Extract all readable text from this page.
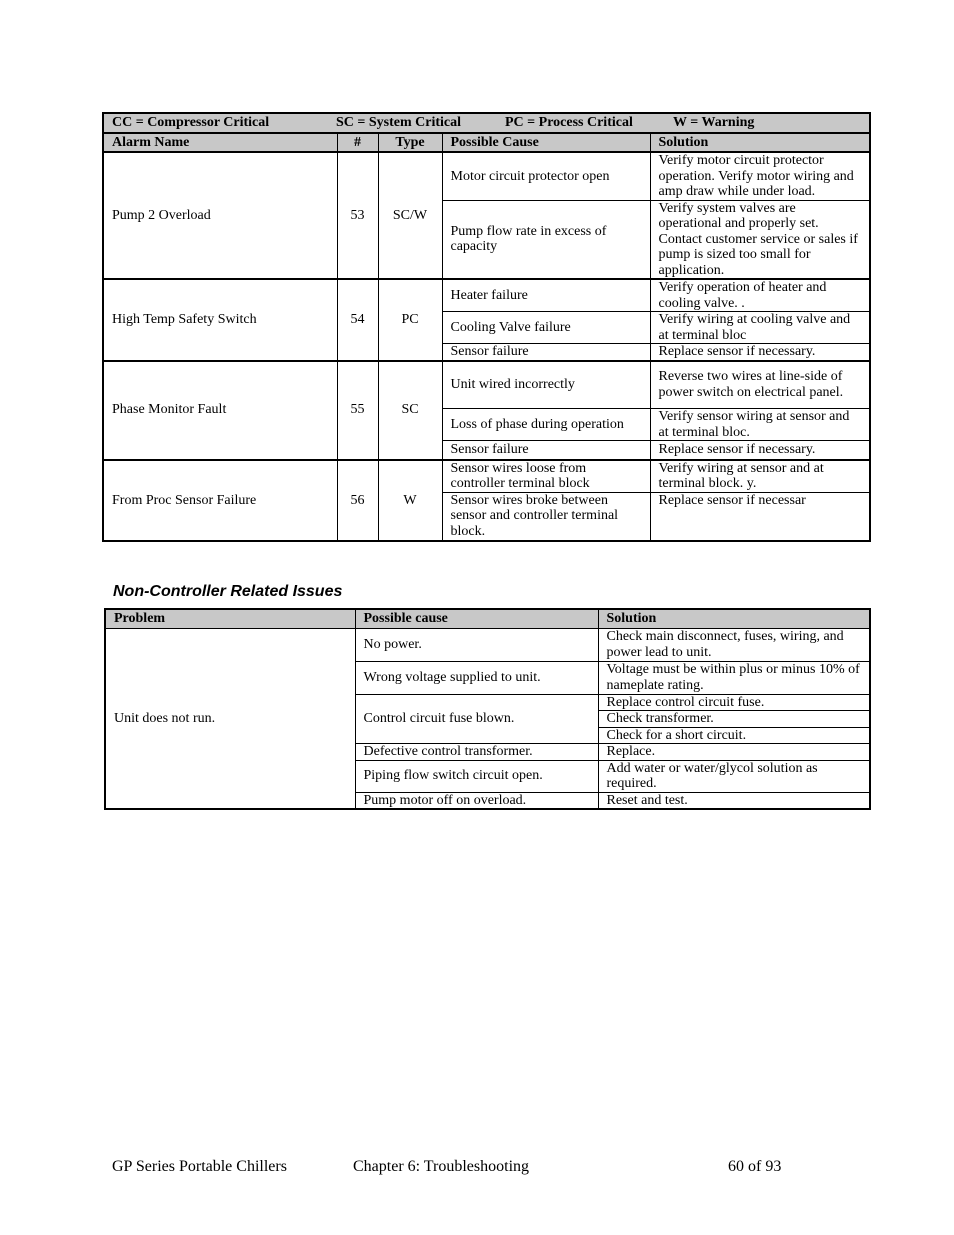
CC = Compressor Critical SC = System Critical PC = Process Critical W = Warning				

Alarm Name	#	Type	Possible Cause	Solution
Pump 2 Overload	53	SC/W	Motor circuit protector open	Verify motor circuit protector operation. Verify motor wiring and amp draw while under load.
			Pump flow rate in excess of capacity	Verify system valves are operational and properly set. Contact customer service or sales if pump is sized too small for application.
High Temp Safety Switch	54	PC	Heater failure	Verify operation of heater and cooling valve. .
			Cooling Valve failure	Verify wiring at cooling valve and at terminal bloc
			Sensor failure	Replace sensor if necessary.
Phase Monitor Fault	55	SC	Unit wired incorrectly	Reverse two wires at line-side of power switch on electrical panel.
			Loss of phase during operation	Verify sensor wiring at sensor and at terminal bloc.
			Sensor failure	Replace sensor if necessary.
From Proc Sensor Failure	56	W	Sensor wires loose from controller terminal block	Verify wiring at sensor and at terminal block. y.
			Sensor wires broke between sensor and controller terminal block.	Replace sensor if necessar
Non-Controller Related Issues
Problem	Possible cause	Solution
Unit does not run.	No power.	Check main disconnect, fuses, wiring, and power lead to unit.
	Wrong voltage supplied to unit.	Voltage must be within plus or minus 10% of nameplate rating.
	Control circuit fuse blown.	Replace control circuit fuse.
		Check transformer.
		Check for a short circuit.
	Defective control transformer.	Replace.
	Piping flow switch circuit open.	Add water or water/glycol solution as required.
	Pump motor off on overload.	Reset and test.
GP Series Portable Chillers	Chapter 6: Troubleshooting	60 of 93
